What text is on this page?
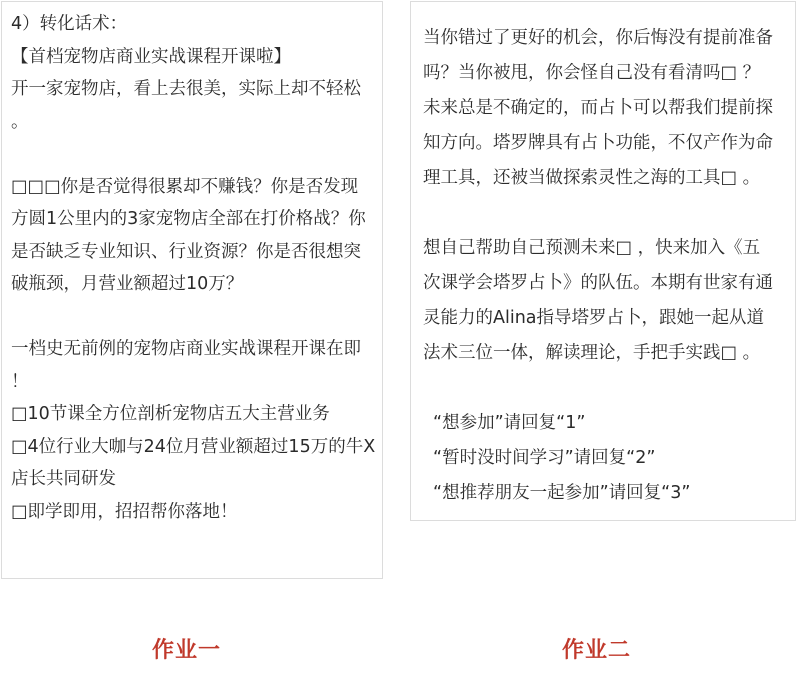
4）转化话术：
【首档宠物店商业实战课程开课啦】
开一家宠物店，看上去很美，实际上却不轻松
。
□□□你是否觉得很累却不赚钱？你是否发现
方圆1公里内的3家宠物店全部在打价格战？你
是否缺乏专业知识、行业资源？你是否很想突
破瓶颈，月营业额超过10万？
一档史无前例的宠物店商业实战课程开课在即
！
□10节课全方位剖析宠物店五大主营业务
□4位行业大咖与24位月营业额超过15万的牛X
店长共同研发
□即学即用，招招帮你落地！
当你错过了更好的机会，你后悔没有提前准备
吗？当你被甩，你会怪自己没有看清吗□ ？
未来总是不确定的，而占卜可以帮我们提前探
知方向。塔罗牌具有占卜功能，不仅产作为命
理工具，还被当做探索灵性之海的工具□ 。
想自己帮助自己预测未来□ ，快来加入《五
次课学会塔罗占卜》的队伍。本期有世家有通
灵能力的Alina指导塔罗占卜，跟她一起从道
法术三位一体，解读理论，手把手实践□ 。
“想参加”请回复“1”
“暂时没时间学习”请回复“2”
“想推荐朋友一起参加”请回复“3”
作业一	作业二
